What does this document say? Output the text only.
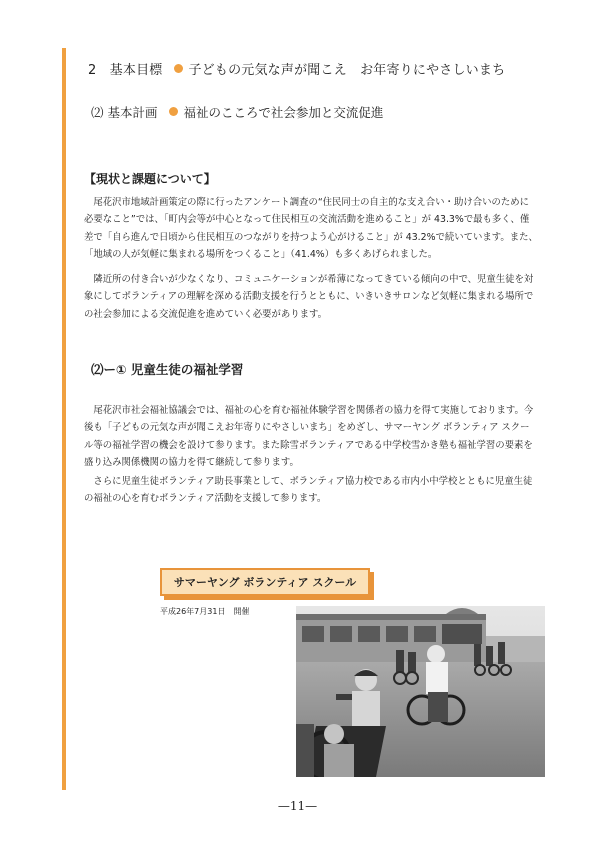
2　基本目標 子どもの元気な声が聞こえ　お年寄りにやさしいまち
⑵ 基本計画 福祉のこころで社会参加と交流促進
【現状と課題について】

尾花沢市地域計画策定の際に行ったアンケート調査の“住民同士の自主的な支え合い・助け合いのために
必要なこと”では、「町内会等が中心となって住民相互の交流活動を進めること」が 43.3%で最も多く、僅
差で「自ら進んで日頃から住民相互のつながりを持つよう心がけること」が 43.2%で続いています。また、
「地域の人が気軽に集まれる場所をつくること」（41.4%）も多くあげられました。

隣近所の付き合いが少なくなり、コミュニケーションが希薄になってきている傾向の中で、児童生徒を対
象にしてボランティアの理解を深める活動支援を行うとともに、いきいきサロンなど気軽に集まれる場所で
の社会参加による交流促進を進めていく必要があります。

⑵ー① 児童生徒の福祉学習

尾花沢市社会福祉協議会では、福祉の心を育む福祉体験学習を関係者の協力を得て実施しております。今
後も「子どもの元気な声が聞こえお年寄りにやさしいまち」をめざし、サマーヤング ボランティア スクー
ル等の福祉学習の機会を設けて参ります。また除雪ボランティアである中学校雪かき塾も福祉学習の要素を
盛り込み関係機関の協力を得て継続して参ります。

さらに児童生徒ボランティア助長事業として、ボランティア協力校である市内小中学校とともに児童生徒
の福祉の心を育むボランティア活動を支援して参ります。

サマーヤング ボランティア スクール
平成26年7月31日　開催
—11—
